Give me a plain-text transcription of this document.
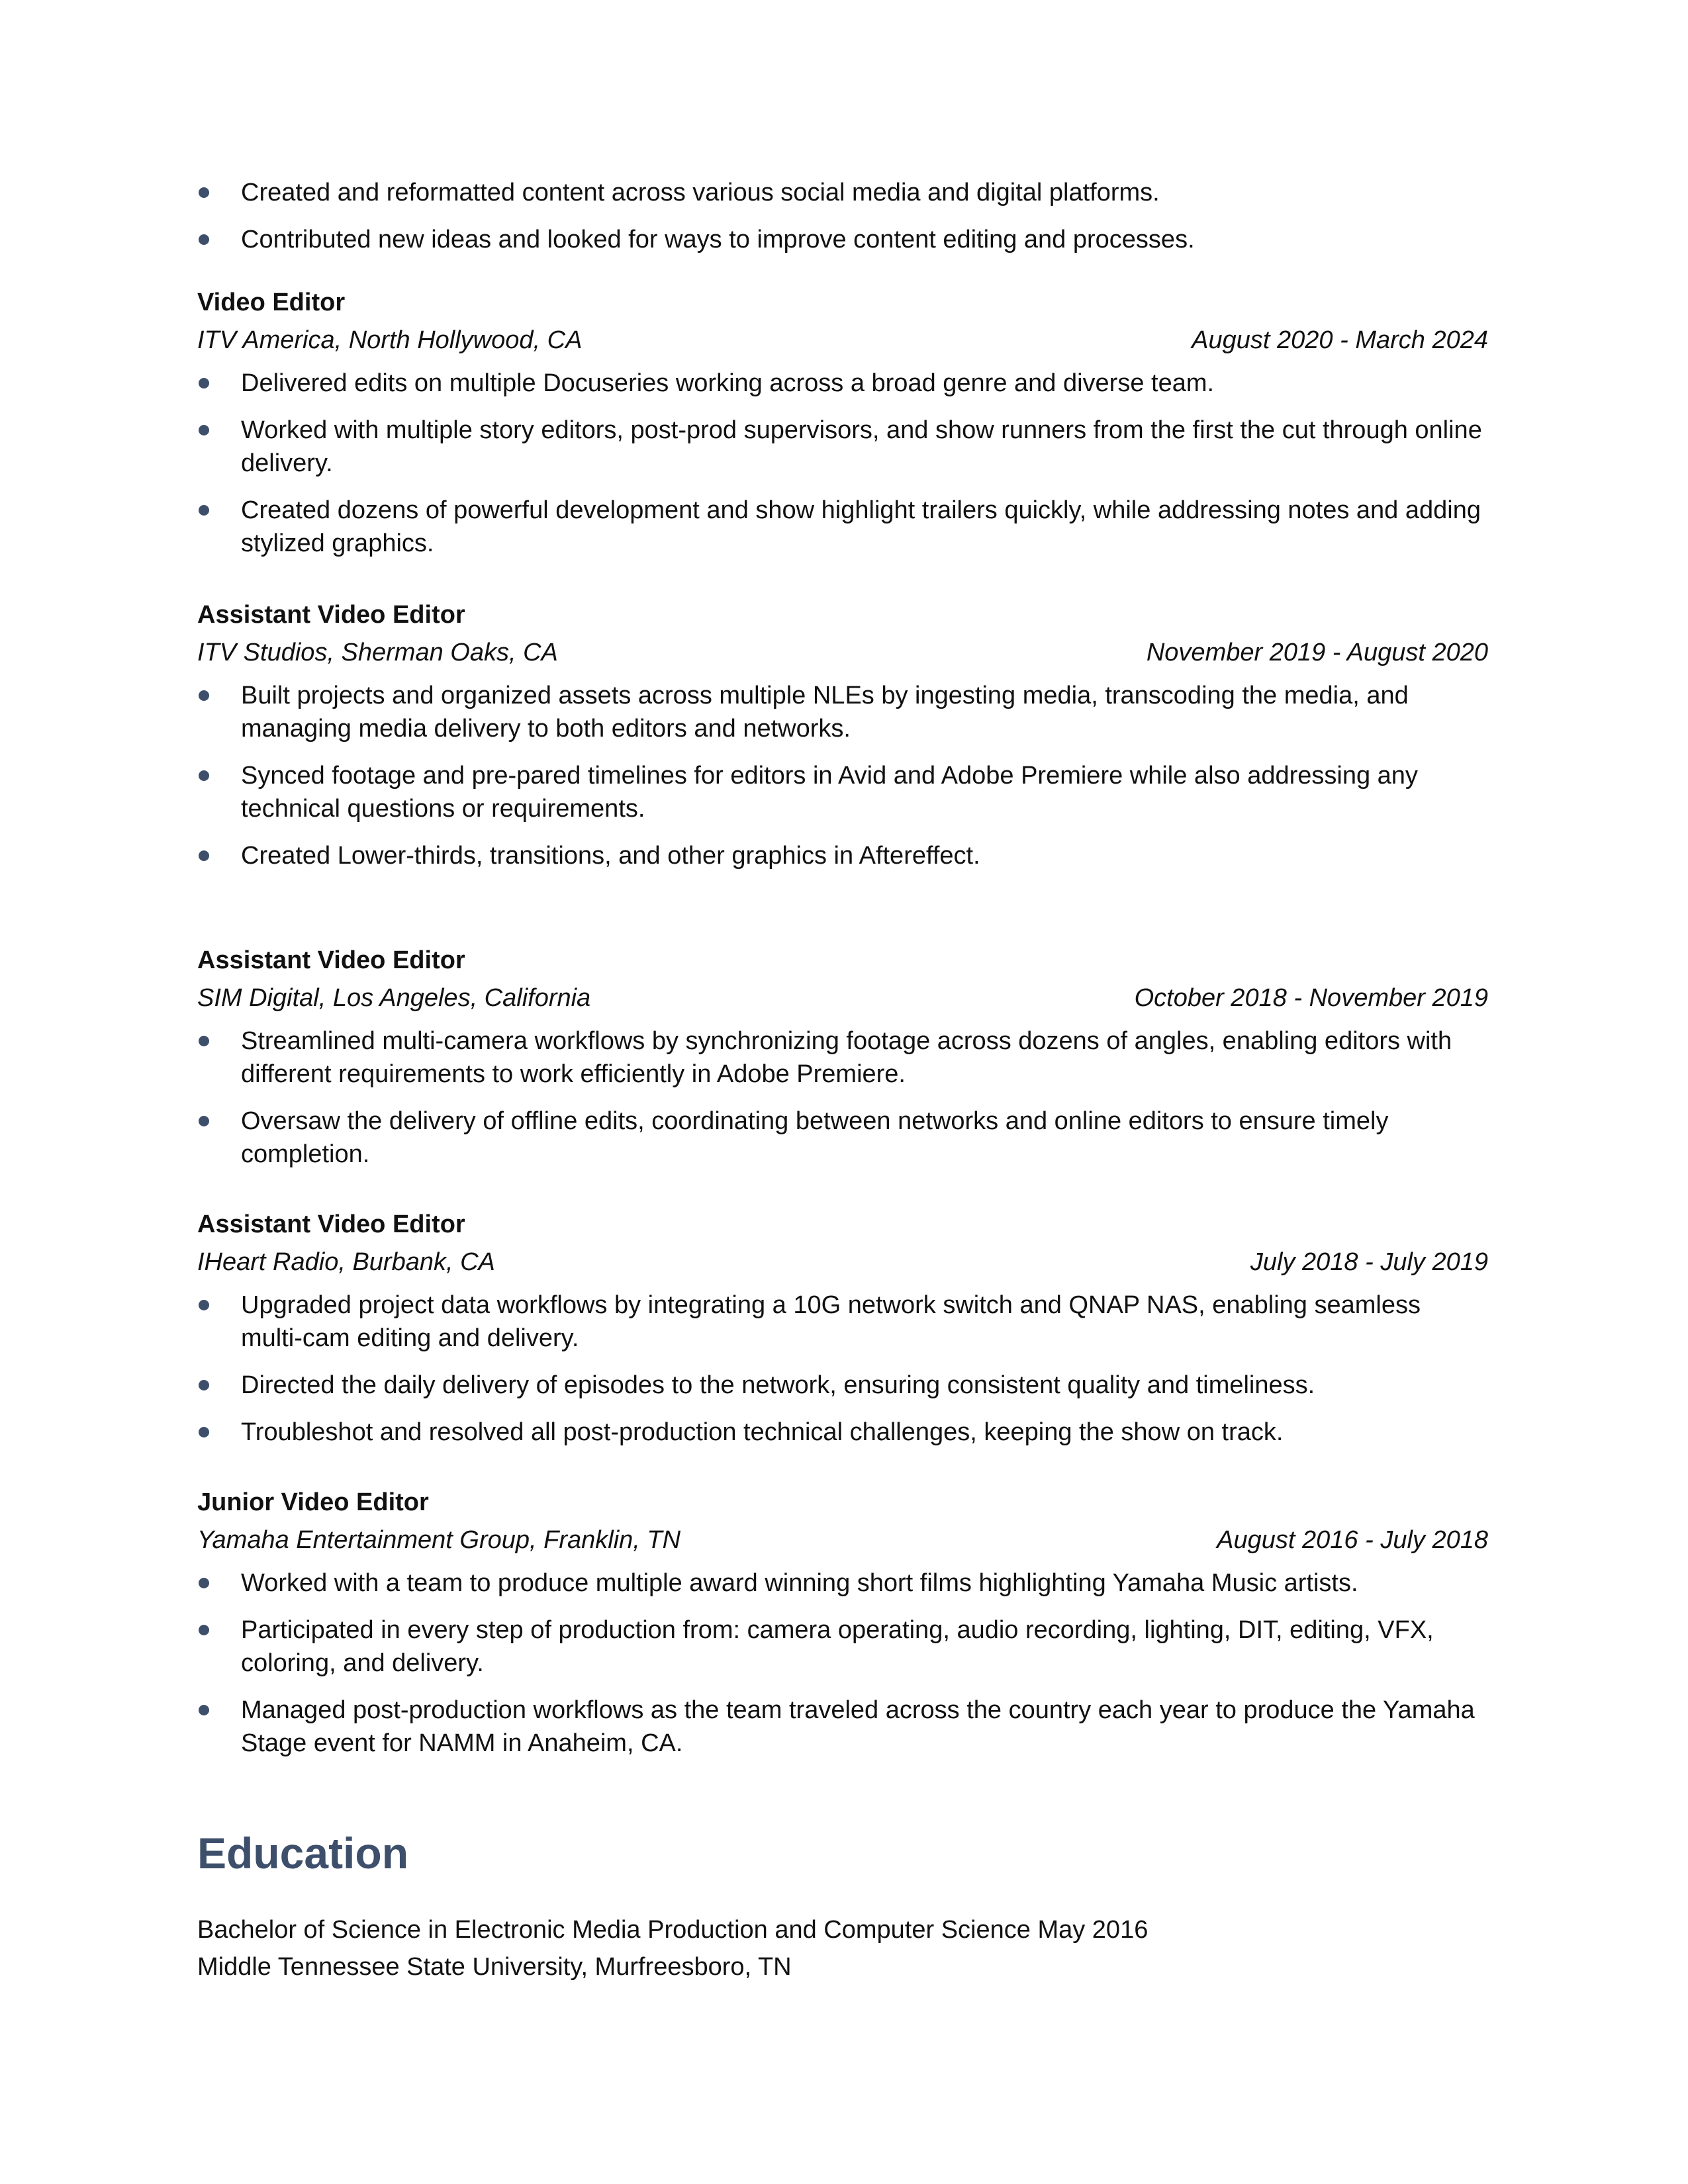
Created and reformatted content across various social media and digital platforms.
Contributed new ideas and looked for ways to improve content editing and processes.
Video Editor
ITV America, North Hollywood, CA	August 2020 - March 2024
Delivered edits on multiple Docuseries working across a broad genre and diverse team.
Worked with multiple story editors, post-prod supervisors, and show runners from the first the cut through online delivery.
Created dozens of powerful development and show highlight trailers quickly, while addressing notes and adding stylized graphics.
Assistant Video Editor
ITV Studios, Sherman Oaks, CA	November 2019 - August 2020
Built projects and organized assets across multiple NLEs by ingesting media, transcoding the media, and managing media delivery to both editors and networks.
Synced footage and pre-pared timelines for editors in Avid and Adobe Premiere while also addressing any technical questions or requirements.
Created Lower-thirds, transitions, and other graphics in Aftereffect.
Assistant Video Editor
SIM Digital, Los Angeles, California	October 2018 - November 2019
Streamlined multi-camera workflows by synchronizing footage across dozens of angles, enabling editors with different requirements to work efficiently in Adobe Premiere.
Oversaw the delivery of offline edits, coordinating between networks and online editors to ensure timely completion.
Assistant Video Editor
IHeart Radio, Burbank, CA	July 2018 - July 2019
Upgraded project data workflows by integrating a 10G network switch and QNAP NAS, enabling seamless multi-cam editing and delivery.
Directed the daily delivery of episodes to the network, ensuring consistent quality and timeliness.
Troubleshot and resolved all post-production technical challenges, keeping the show on track.
Junior Video Editor
Yamaha Entertainment Group, Franklin, TN	August 2016 - July 2018
Worked with a team to produce multiple award winning short films highlighting Yamaha Music artists.
Participated in every step of production from: camera operating, audio recording, lighting, DIT, editing, VFX, coloring, and delivery.
Managed post-production workflows as the team traveled across the country each year to produce the Yamaha Stage event for NAMM in Anaheim, CA.
Education
Bachelor of Science in Electronic Media Production and Computer Science May 2016
Middle Tennessee State University, Murfreesboro, TN
